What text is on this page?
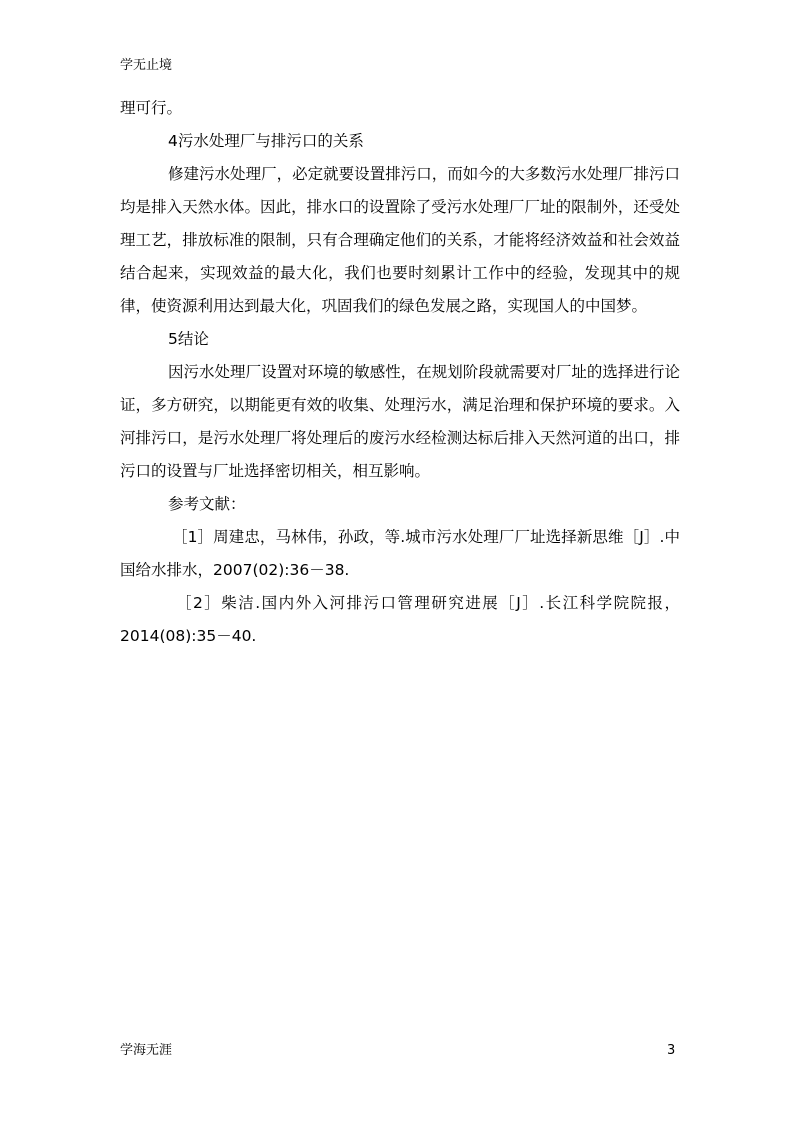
学无止境

理可行。

4污水处理厂与排污口的关系

修建污水处理厂，必定就要设置排污口，而如今的大多数污水处理厂排污口均是排入天然水体。因此，排水口的设置除了受污水处理厂厂址的限制外，还受处理工艺，排放标准的限制，只有合理确定他们的关系，才能将经济效益和社会效益结合起来，实现效益的最大化，我们也要时刻累计工作中的经验，发现其中的规律，使资源利用达到最大化，巩固我们的绿色发展之路，实现国人的中国梦。

5结论

因污水处理厂设置对环境的敏感性，在规划阶段就需要对厂址的选择进行论证，多方研究，以期能更有效的收集、处理污水，满足治理和保护环境的要求。入河排污口，是污水处理厂将处理后的废污水经检测达标后排入天然河道的出口，排污口的设置与厂址选择密切相关，相互影响。

参考文献：

［1］周建忠，马林伟，孙政，等.城市污水处理厂厂址选择新思维［J］.中国给水排水，2007(02):36－38.

［2］柴洁.国内外入河排污口管理研究进展［J］.长江科学院院报，2014(08):35－40.

学海无涯	3
